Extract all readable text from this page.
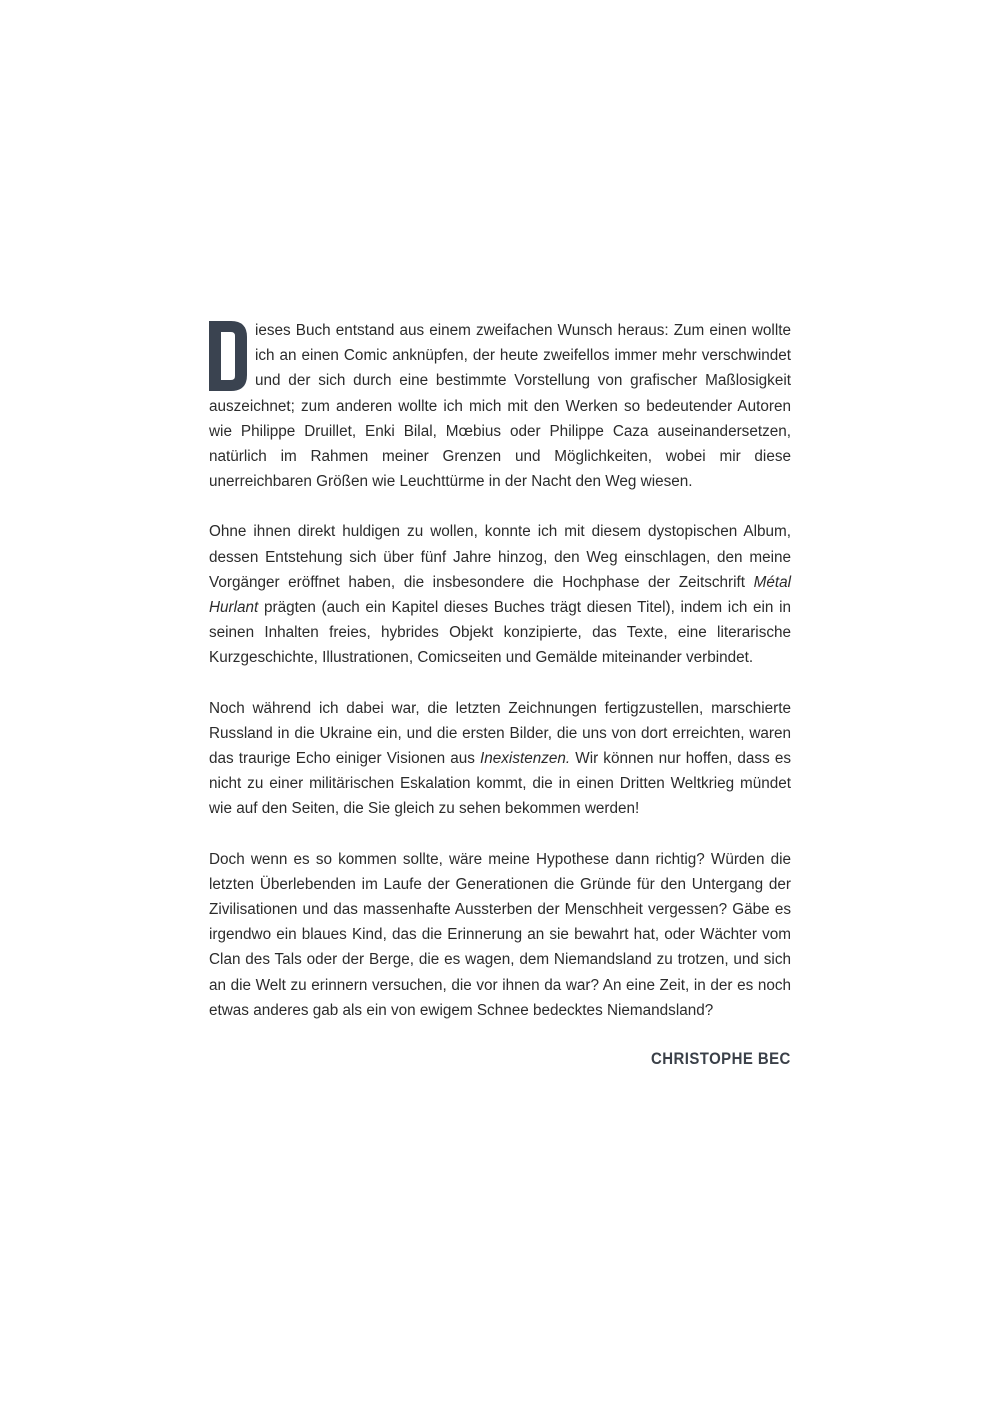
ieses Buch entstand aus einem zweifachen Wunsch heraus: Zum einen wollte ich an einen Comic anknüpfen, der heute zweifellos immer mehr verschwindet und der sich durch eine bestimmte Vorstellung von grafischer Maßlosigkeit auszeichnet; zum anderen wollte ich mich mit den Werken so bedeutender Autoren wie Philippe Druillet, Enki Bilal, Mœbius oder Philippe Caza auseinandersetzen, natürlich im Rahmen meiner Grenzen und Möglichkeiten, wobei mir diese unerreichbaren Größen wie Leuchttürme in der Nacht den Weg wiesen.

Ohne ihnen direkt huldigen zu wollen, konnte ich mit diesem dystopischen Album, dessen Entstehung sich über fünf Jahre hinzog, den Weg einschlagen, den meine Vorgänger eröffnet haben, die insbesondere die Hochphase der Zeitschrift Métal Hurlant prägten (auch ein Kapitel dieses Buches trägt diesen Titel), indem ich ein in seinen Inhalten freies, hybrides Objekt konzipierte, das Texte, eine literarische Kurzgeschichte, Illustrationen, Comicseiten und Gemälde miteinander verbindet.

Noch während ich dabei war, die letzten Zeichnungen fertigzustellen, marschierte Russland in die Ukraine ein, und die ersten Bilder, die uns von dort erreichten, waren das traurige Echo einiger Visionen aus Inexistenzen. Wir können nur hoffen, dass es nicht zu einer militärischen Eskalation kommt, die in einen Dritten Weltkrieg mündet wie auf den Seiten, die Sie gleich zu sehen bekommen werden!

Doch wenn es so kommen sollte, wäre meine Hypothese dann richtig? Würden die letzten Überlebenden im Laufe der Generationen die Gründe für den Untergang der Zivilisationen und das massenhafte Aussterben der Menschheit vergessen? Gäbe es irgendwo ein blaues Kind, das die Erinnerung an sie bewahrt hat, oder Wächter vom Clan des Tals oder der Berge, die es wagen, dem Niemandsland zu trotzen, und sich an die Welt zu erinnern versuchen, die vor ihnen da war? An eine Zeit, in der es noch etwas anderes gab als ein von ewigem Schnee bedecktes Niemandsland?

CHRISTOPHE BEC
